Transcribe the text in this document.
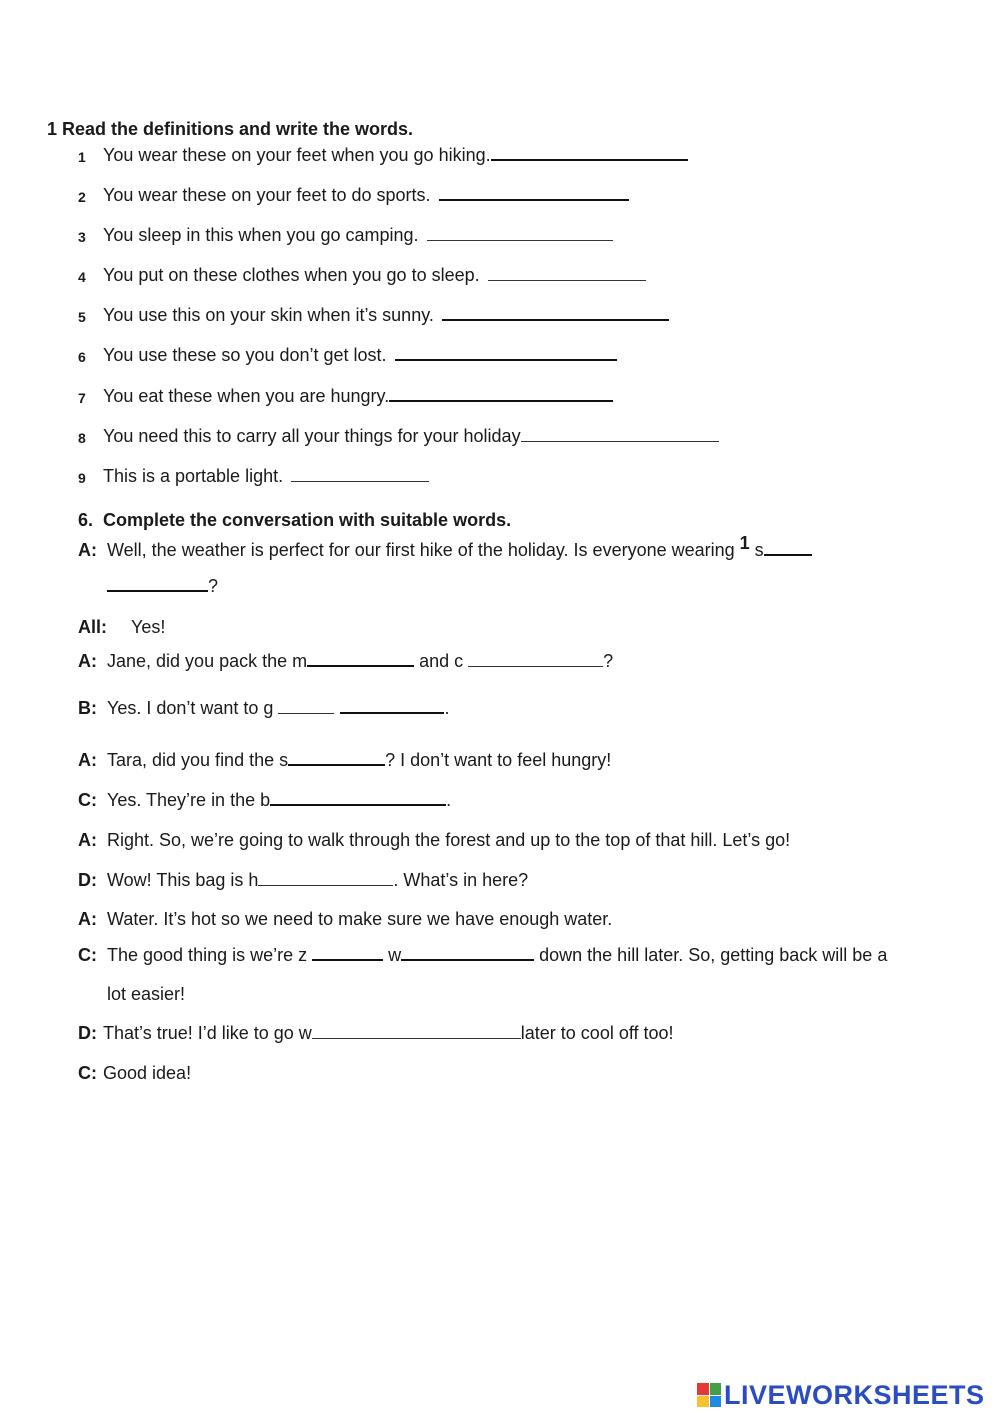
1 Read the definitions and write the words.
1 You wear these on your feet when you go hiking.
2 You wear these on your feet to do sports.
3 You sleep in this when you go camping.
4 You put on these clothes when you go to sleep.
5 You use this on your skin when it’s sunny.
6 You use these so you don’t get lost.
7 You eat these when you are hungry.
8 You need this to carry all your things for your holiday
9 This is a portable light.
6.  Complete the conversation with suitable words.
A: Well, the weather is perfect for our first hike of the holiday. Is everyone wearing 1 s
?
All: Yes!
A: Jane, did you pack the m	and c	?
B: Yes. I don’t want to g	.
A: Tara, did you find the s	? I don’t want to feel hungry!
C: Yes. They’re in the b	.
A: Right. So, we’re going to walk through the forest and up to the top of that hill. Let’s go!
D: Wow! This bag is h	. What’s in here?
A: Water. It’s hot so we need to make sure we have enough water.
C: The good thing is we’re z	w	down the hill later. So, getting back will be a
lot easier!
D: That’s true! I’d like to go w	later to cool off too!
C: Good idea!
LIVEWORKSHEETS
